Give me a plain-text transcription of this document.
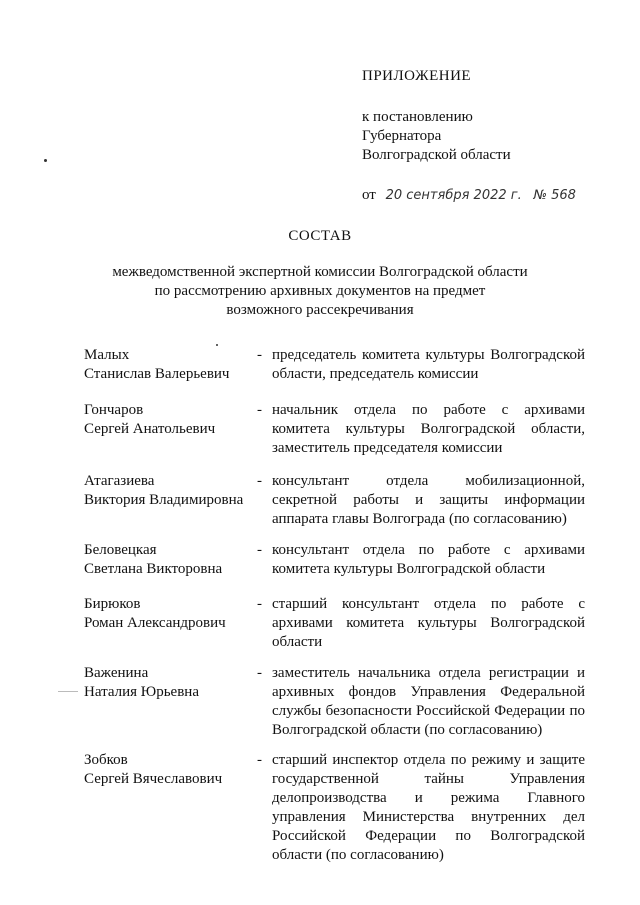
ПРИЛОЖЕНИЕ
к постановлению
Губернатора
Волгоградской области
от 20 сентября 2022 г. № 568
СОСТАВ
межведомственной экспертной комиссии Волгоградской области
по рассмотрению архивных документов на предмет
возможного рассекречивания
Малых
Станислав Валерьевич
- председатель комитета культуры Волгоградской области, председатель комиссии
Гончаров
Сергей Анатольевич
- начальник отдела по работе с архивами комитета культуры Волгоградской области, заместитель председателя комиссии
Атагазиева
Виктория Владимировна
- консультант отдела мобилизационной, секретной работы и защиты информации аппарата главы Волгограда (по согласованию)
Беловецкая
Светлана Викторовна
- консультант отдела по работе с архивами комитета культуры Волгоградской области
Бирюков
Роман Александрович
- старший консультант отдела по работе с архивами комитета культуры Волгоградской области
Важенина
Наталия Юрьевна
- заместитель начальника отдела регистрации и архивных фондов Управления Федеральной службы безопасности Российской Федерации по Волгоградской области (по согласованию)
Зобков
Сергей Вячеславович
- старший инспектор отдела по режиму и защите государственной тайны Управления делопроизводства и режима Главного управления Министерства внутренних дел Российской Федерации по Волгоградской области (по согласованию)
